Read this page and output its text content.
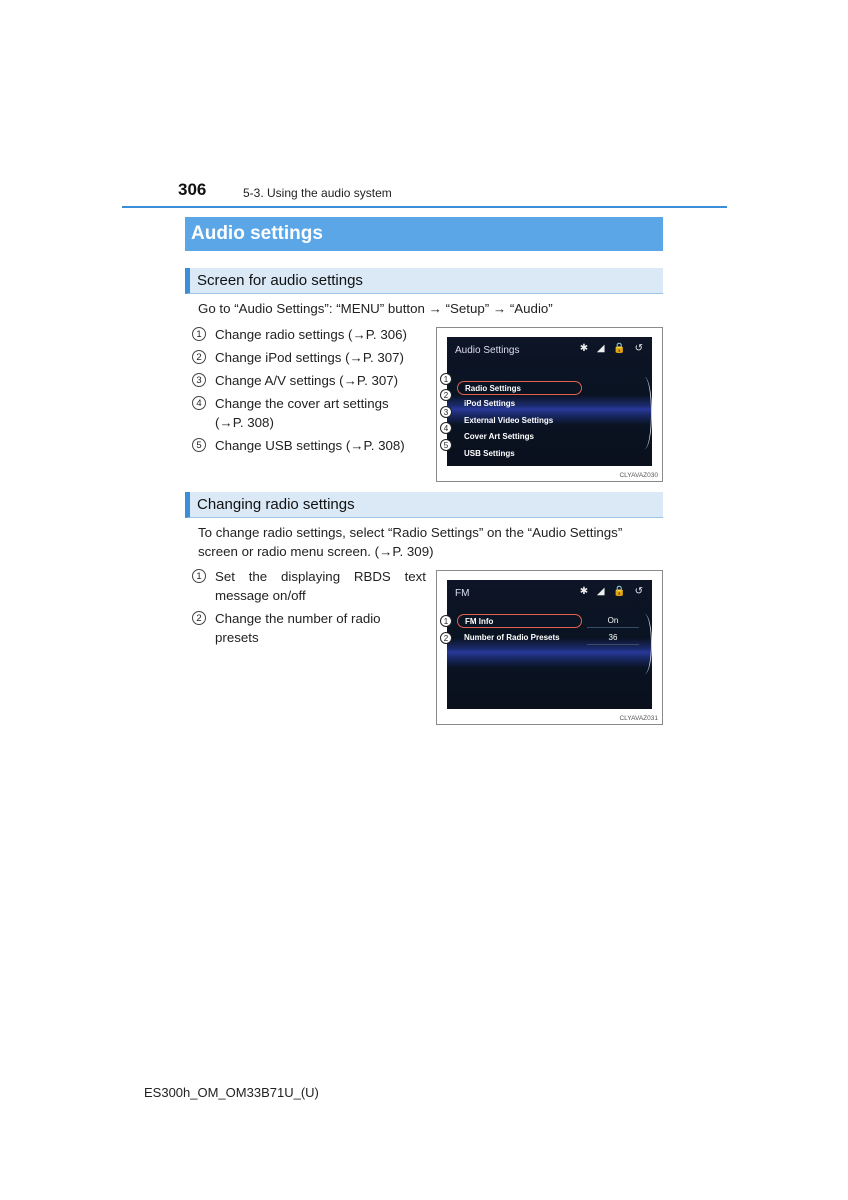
306	5-3. Using the audio system
Audio settings
Screen for audio settings
Go to “Audio Settings”: “MENU” button → “Setup” → “Audio”
1	Change radio settings (→P. 306)
2	Change iPod settings (→P. 307)
3	Change A/V settings (→P. 307)
4	Change the cover art settings (→P. 308)
5	Change USB settings (→P. 308)
Audio Settings	✱ ◢ 🔒 ↺
Radio Settings
iPod Settings
External Video Settings
Cover Art Settings
USB Settings
1
2
3
4
5
CLYAVAZ030
Changing radio settings
To change radio settings, select “Radio Settings” on the “Audio Settings” screen or radio menu screen. (→P. 309)
1	Set the displaying RBDS text message on/off
2	Change the number of radio presets
FM	✱ ◢ 🔒 ↺
FM Info	On
Number of Radio Presets	36
1
2
CLYAVAZ031
ES300h_OM_OM33B71U_(U)
